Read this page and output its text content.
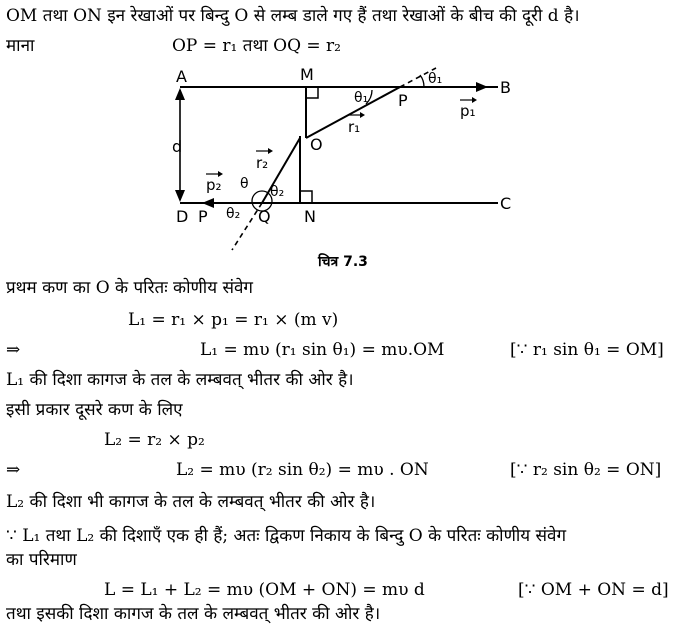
OM तथा ON इन रेखाओं पर बिन्दु O से लम्ब डाले गए हैं तथा रेखाओं के बीच की दूरी d है।
माना	OP = r₁ तथा OQ = r₂
A
B
C
D P
M
N
O
P
Q
d
θ₁
θ₁
θ θ₂
θ₂
r₁
r₂
p₁
p₂
चित्र 7.3
प्रथम कण का O के परितः कोणीय संवेग
L₁ = r₁ × p₁ = r₁ × (m v)
⇒	L₁ = mυ (r₁ sin θ₁) = mυ.OM	[∵ r₁ sin θ₁ = OM]
L₁ की दिशा कागज के तल के लम्बवत् भीतर की ओर है।
इसी प्रकार दूसरे कण के लिए
L₂ = r₂ × p₂
⇒	L₂ = mυ (r₂ sin θ₂) = mυ . ON	[∵ r₂ sin θ₂ = ON]
L₂ की दिशा भी कागज के तल के लम्बवत् भीतर की ओर है।
∵ L₁ तथा L₂ की दिशाएँ एक ही हैं; अतः द्विकण निकाय के बिन्दु O के परितः कोणीय संवेग
का परिमाण
L = L₁ + L₂ = mυ (OM + ON) = mυ d	[∵ OM + ON = d]
तथा इसकी दिशा कागज के तल के लम्बवत् भीतर की ओर है।
